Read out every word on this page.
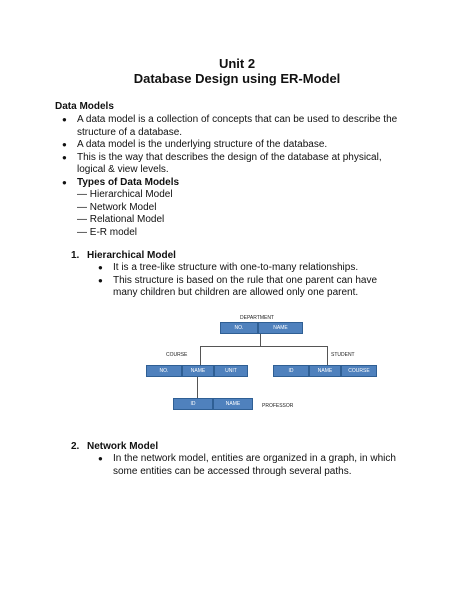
Unit 2
Database Design using ER-Model
Data Models
● A data model is a collection of concepts that can be used to describe the structure of a database.
● A data model is the underlying structure of the database.
● This is the way that describes the design of the database at physical, logical & view levels.
● Types of Data Models
— Hierarchical Model
— Network Model
— Relational Model
— E-R model
1. Hierarchical Model
● It is a tree-like structure with one-to-many relationships.
● This structure is based on the rule that one parent can have many children but children are allowed only one parent.
DEPARTMENT
NO.	NAME
COURSE
NO.	NAME	UNIT
STUDENT
ID	NAME	COURSE
ID	NAME	PROFESSOR
2. Network Model
● In the network model, entities are organized in a graph, in which some entities can be accessed through several paths.
